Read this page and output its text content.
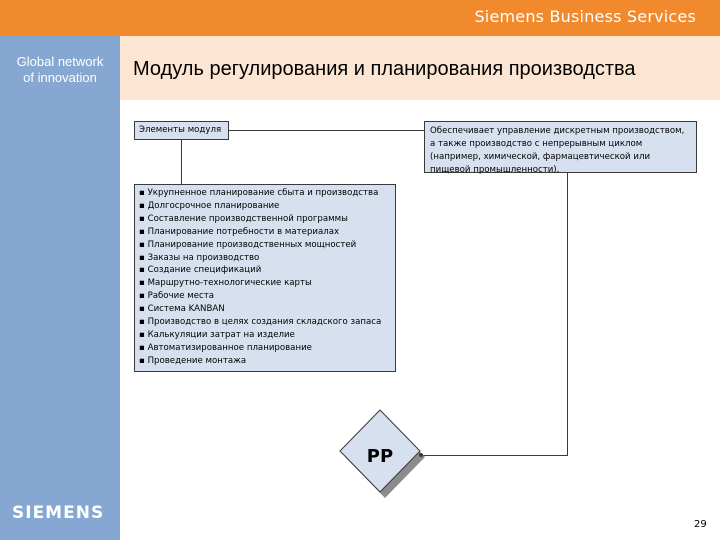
Siemens Business Services
Global network
of innovation
SIEMENS
Модуль регулирования и планирования производства
Элементы модуля	Обеспечивает управление дискретным производством,
а также производство с непрерывным циклом
(например, химической, фармацевтической или
пищевой промышленности).
▪ Укрупненное планирование сбыта и производства
▪ Долгосрочное планирование
▪ Составление производственной программы
▪ Планирование потребности в материалах
▪ Планирование производственных мощностей
▪ Заказы на производство
▪ Создание спецификаций
▪ Маршрутно-технологические карты
▪ Рабочие места
▪ Система KANBAN
▪ Производство в целях создания складского запаса
▪ Калькуляции затрат на изделие
▪ Автоматизированное планирование
▪ Проведение монтажа
PP
29
